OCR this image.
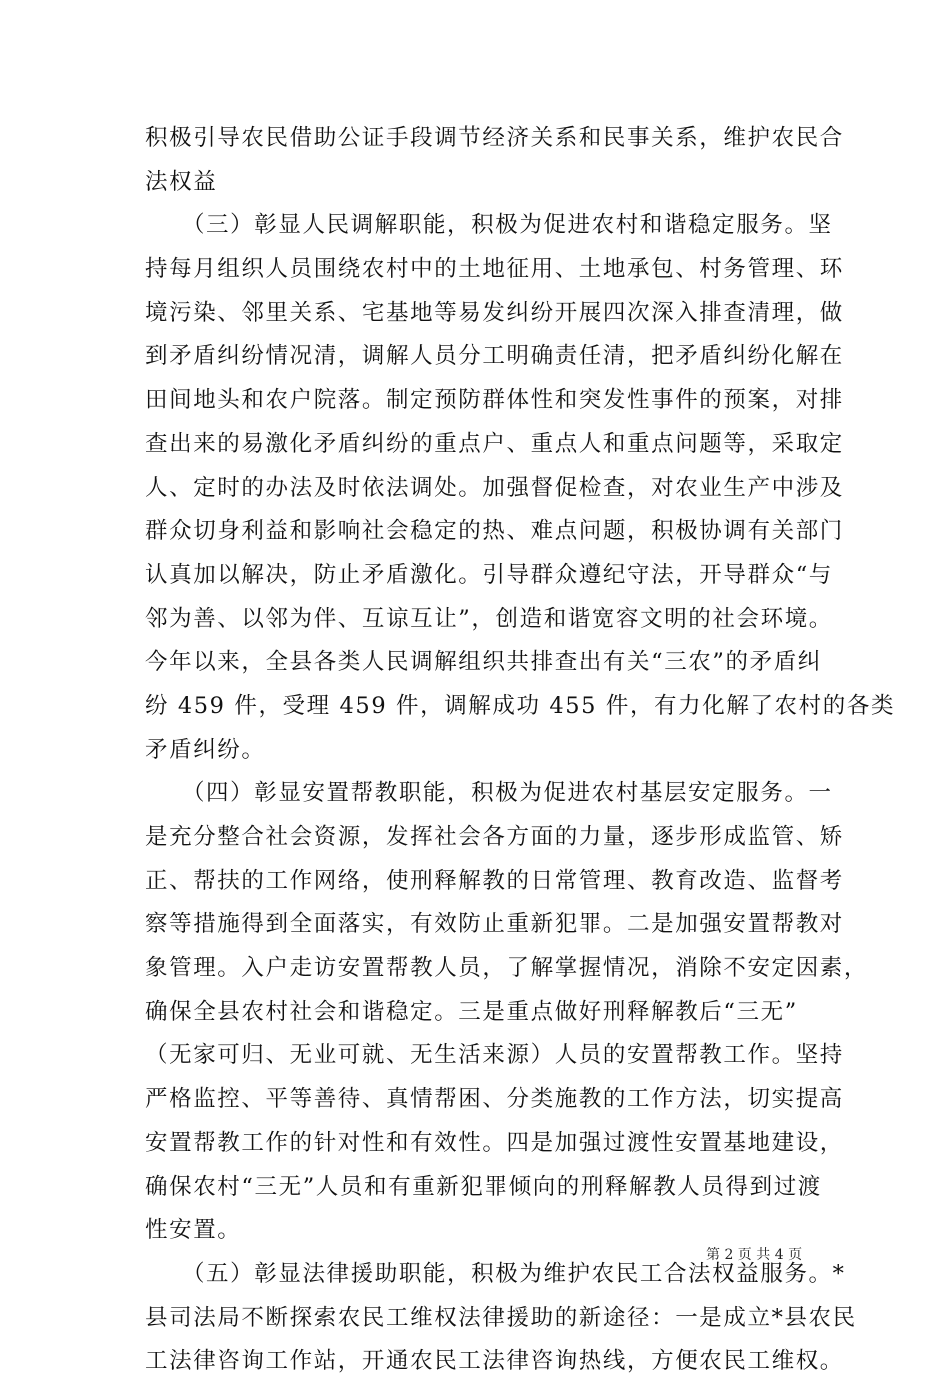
积极引导农民借助公证手段调节经济关系和民事关系，维护农民合
法权益
　　（三）彰显人民调解职能，积极为促进农村和谐稳定服务。坚
持每月组织人员围绕农村中的土地征用、土地承包、村务管理、环
境污染、邻里关系、宅基地等易发纠纷开展四次深入排查清理，做
到矛盾纠纷情况清，调解人员分工明确责任清，把矛盾纠纷化解在
田间地头和农户院落。制定预防群体性和突发性事件的预案，对排
查出来的易激化矛盾纠纷的重点户、重点人和重点问题等，采取定
人、定时的办法及时依法调处。加强督促检查，对农业生产中涉及
群众切身利益和影响社会稳定的热、难点问题，积极协调有关部门
认真加以解决，防止矛盾激化。引导群众遵纪守法，开导群众“与
邻为善、以邻为伴、互谅互让”，创造和谐宽容文明的社会环境。
今年以来，全县各类人民调解组织共排查出有关“三农”的矛盾纠
纷 459 件，受理 459 件，调解成功 455 件，有力化解了农村的各类
矛盾纠纷。
　　（四）彰显安置帮教职能，积极为促进农村基层安定服务。一
是充分整合社会资源，发挥社会各方面的力量，逐步形成监管、矫
正、帮扶的工作网络，使刑释解教的日常管理、教育改造、监督考
察等措施得到全面落实，有效防止重新犯罪。二是加强安置帮教对
象管理。入户走访安置帮教人员，了解掌握情况，消除不安定因素，
确保全县农村社会和谐稳定。三是重点做好刑释解教后“三无”
（无家可归、无业可就、无生活来源）人员的安置帮教工作。坚持
严格监控、平等善待、真情帮困、分类施教的工作方法，切实提高
安置帮教工作的针对性和有效性。四是加强过渡性安置基地建设，
确保农村“三无”人员和有重新犯罪倾向的刑释解教人员得到过渡
性安置。
　　（五）彰显法律援助职能，积极为维护农民工合法权益服务。*
县司法局不断探索农民工维权法律援助的新途径：一是成立*县农民
工法律咨询工作站，开通农民工法律咨询热线，方便农民工维权。
第 2 页 共 4 页
